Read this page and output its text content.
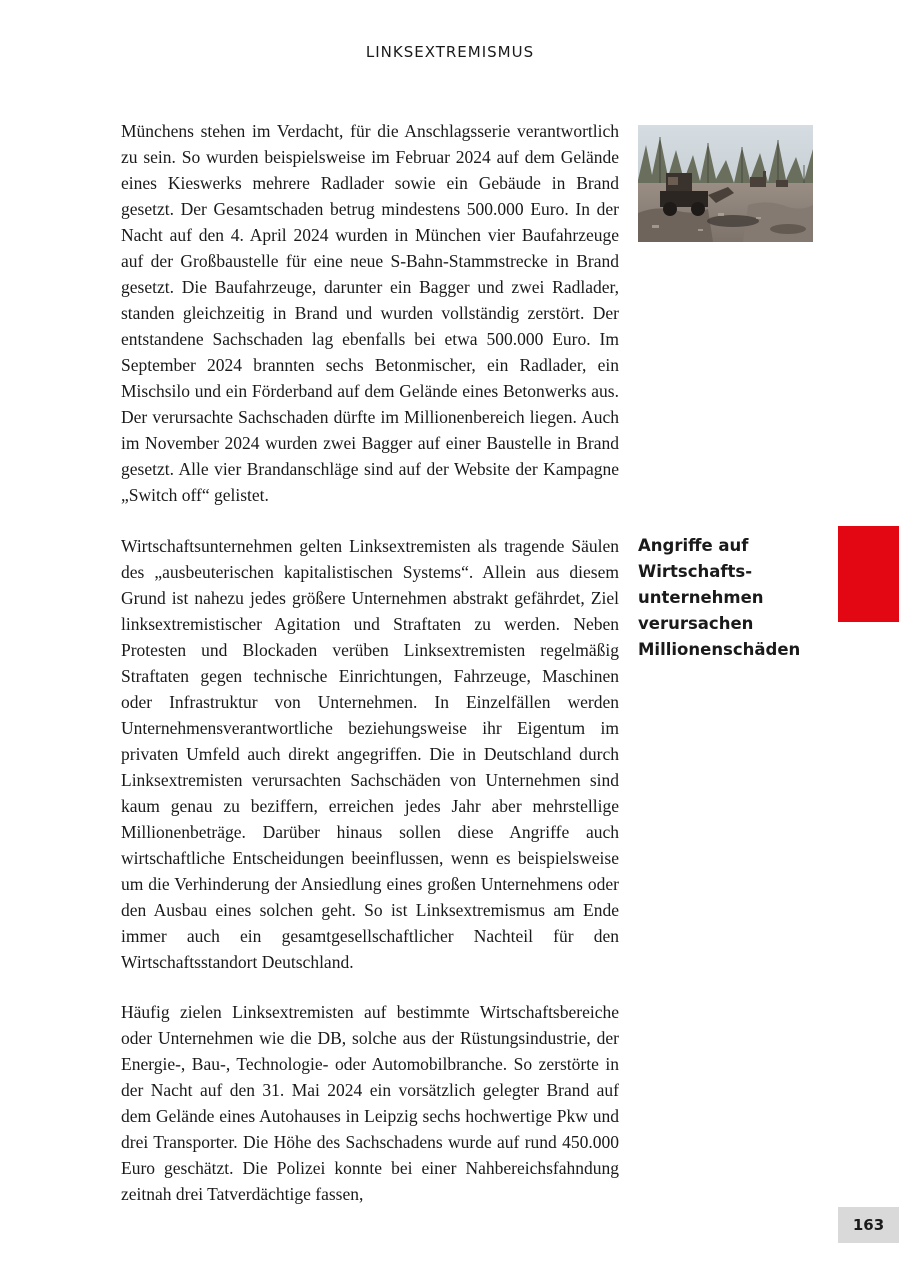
LINKSEXTREMISMUS

Münchens stehen im Verdacht, für die Anschlagsserie verantwortlich zu sein. So wurden beispielsweise im Februar 2024 auf dem Gelände eines Kieswerks mehrere Radlader sowie ein Gebäude in Brand gesetzt. Der Gesamtschaden betrug mindestens 500.000 Euro. In der Nacht auf den 4. April 2024 wurden in München vier Baufahrzeuge auf der Großbaustelle für eine neue S-Bahn-Stammstrecke in Brand gesetzt. Die Baufahrzeuge, darunter ein Bagger und zwei Radlader, standen gleichzeitig in Brand und wurden vollständig zerstört. Der entstandene Sachschaden lag ebenfalls bei etwa 500.000 Euro. Im September 2024 brannten sechs Betonmischer, ein Radlader, ein Mischsilo und ein Förderband auf dem Gelände eines Betonwerks aus. Der verursachte Sachschaden dürfte im Millionenbereich liegen. Auch im November 2024 wurden zwei Bagger auf einer Baustelle in Brand gesetzt. Alle vier Brandanschläge sind auf der Website der Kampagne „Switch off“ gelistet.

Wirtschaftsunternehmen gelten Linksextremisten als tragende Säulen des „ausbeuterischen kapitalistischen Systems“. Allein aus diesem Grund ist nahezu jedes größere Unternehmen abstrakt gefährdet, Ziel linksextremistischer Agitation und Straftaten zu werden. Neben Protesten und Blockaden verüben Linksextremisten regelmäßig Straftaten gegen technische Einrichtungen, Fahrzeuge, Maschinen oder Infrastruktur von Unternehmen. In Einzelfällen werden Unternehmensverantwortliche beziehungsweise ihr Eigentum im privaten Umfeld auch direkt angegriffen. Die in Deutschland durch Linksextremisten verursachten Sachschäden von Unternehmen sind kaum genau zu beziffern, erreichen jedes Jahr aber mehrstellige Millionenbeträge. Darüber hinaus sollen diese Angriffe auch wirtschaftliche Entscheidungen beeinflussen, wenn es beispielsweise um die Verhinderung der Ansiedlung eines großen Unternehmens oder den Ausbau eines solchen geht. So ist Linksextremismus am Ende immer auch ein gesamtgesellschaftlicher Nachteil für den Wirtschaftsstandort Deutschland.

Häufig zielen Linksextremisten auf bestimmte Wirtschaftsbereiche oder Unternehmen wie die DB, solche aus der Rüstungsindustrie, der Energie-, Bau-, Technologie- oder Automobilbranche. So zerstörte in der Nacht auf den 31. Mai 2024 ein vorsätzlich gelegter Brand auf dem Gelände eines Autohauses in Leipzig sechs hochwertige Pkw und drei Transporter. Die Höhe des Sachschadens wurde auf rund 450.000 Euro geschätzt. Die Polizei konnte bei einer Nahbereichsfahndung zeitnah drei Tatverdächtige fassen,

Angriffe auf Wirtschaftsunternehmen verursachen Millionenschäden

163
